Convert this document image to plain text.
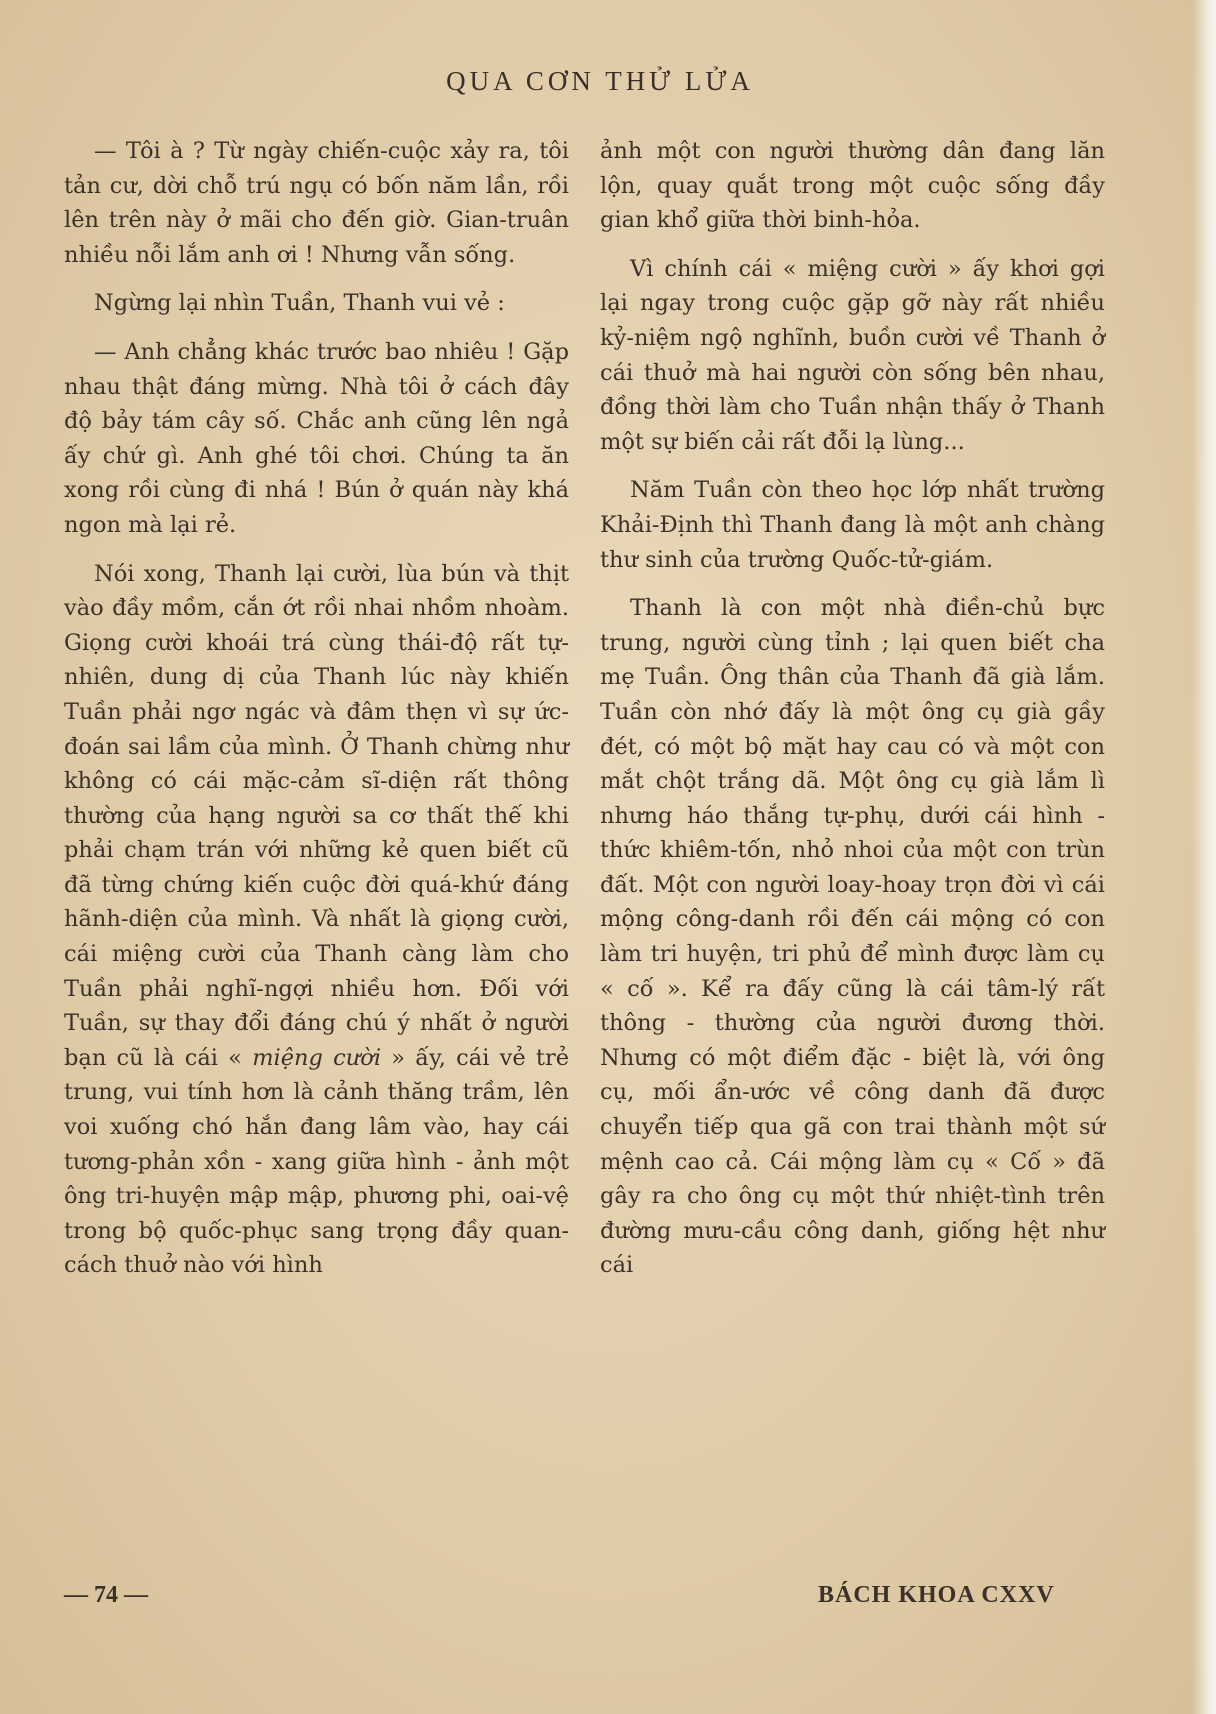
QUA CƠN THỬ LỬA

— Tôi à ? Từ ngày chiến-cuộc xảy ra, tôi tản cư, dời chỗ trú ngụ có bốn năm lần, rồi lên trên này ở mãi cho đến giờ. Gian-truân nhiều nỗi lắm anh ơi ! Nhưng vẫn sống.

Ngừng lại nhìn Tuần, Thanh vui vẻ :

— Anh chẳng khác trước bao nhiêu ! Gặp nhau thật đáng mừng. Nhà tôi ở cách đây độ bảy tám cây số. Chắc anh cũng lên ngả ấy chứ gì. Anh ghé tôi chơi. Chúng ta ăn xong rồi cùng đi nhá ! Bún ở quán này khá ngon mà lại rẻ.

Nói xong, Thanh lại cười, lùa bún và thịt vào đầy mồm, cắn ớt rồi nhai nhồm nhoàm. Giọng cười khoái trá cùng thái-độ rất tự-nhiên, dung dị của Thanh lúc này khiến Tuần phải ngơ ngác và đâm thẹn vì sự ức-đoán sai lầm của mình. Ở Thanh chừng như không có cái mặc-cảm sĩ-diện rất thông thường của hạng người sa cơ thất thế khi phải chạm trán với những kẻ quen biết cũ đã từng chứng kiến cuộc đời quá-khứ đáng hãnh-diện của mình. Và nhất là giọng cười, cái miệng cười của Thanh càng làm cho Tuần phải nghĩ-ngợi nhiều hơn. Đối với Tuần, sự thay đổi đáng chú ý nhất ở người bạn cũ là cái « miệng cười » ấy, cái vẻ trẻ trung, vui tính hơn là cảnh thăng trầm, lên voi xuống chó hắn đang lâm vào, hay cái tương-phản xồn - xang giữa hình - ảnh một ông tri-huyện mập mập, phương phi, oai-vệ trong bộ quốc-phục sang trọng đầy quan-cách thuở nào với hình

ảnh một con người thường dân đang lăn lộn, quay quắt trong một cuộc sống đầy gian khổ giữa thời binh-hỏa.

Vì chính cái « miệng cười » ấy khơi gợi lại ngay trong cuộc gặp gỡ này rất nhiều kỷ-niệm ngộ nghĩnh, buồn cười về Thanh ở cái thuở mà hai người còn sống bên nhau, đồng thời làm cho Tuần nhận thấy ở Thanh một sự biến cải rất đỗi lạ lùng...

Năm Tuần còn theo học lớp nhất trường Khải-Định thì Thanh đang là một anh chàng thư sinh của trường Quốc-tử-giám.

Thanh là con một nhà điền-chủ bực trung, người cùng tỉnh ; lại quen biết cha mẹ Tuần. Ông thân của Thanh đã già lắm. Tuần còn nhớ đấy là một ông cụ già gầy đét, có một bộ mặt hay cau có và một con mắt chột trắng dã. Một ông cụ già lắm lì nhưng háo thắng tự-phụ, dưới cái hình - thức khiêm-tốn, nhỏ nhoi của một con trùn đất. Một con người loay-hoay trọn đời vì cái mộng công-danh rồi đến cái mộng có con làm tri huyện, tri phủ để mình được làm cụ « cố ». Kể ra đấy cũng là cái tâm-lý rất thông - thường của người đương thời. Nhưng có một điểm đặc - biệt là, với ông cụ, mối ẩn-ước về công danh đã được chuyển tiếp qua gã con trai thành một sứ mệnh cao cả. Cái mộng làm cụ « Cố » đã gây ra cho ông cụ một thứ nhiệt-tình trên đường mưu-cầu công danh, giống hệt như cái

— 74 —	BÁCH KHOA CXXV
